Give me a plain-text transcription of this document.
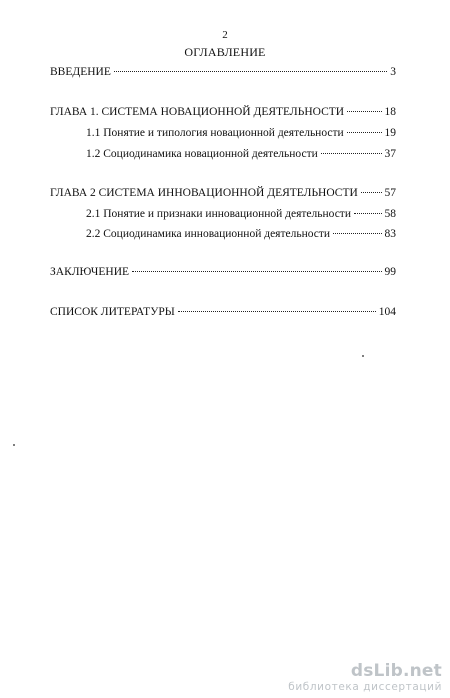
2
ОГЛАВЛЕНИЕ
ВВЕДЕНИЕ	3
ГЛАВА 1. СИСТЕМА НОВАЦИОННОЙ ДЕЯТЕЛЬНОСТИ	18
1.1 Понятие и типология новационной деятельности	19
1.2 Социодинамика новационной деятельности	37
ГЛАВА 2 СИСТЕМА ИННОВАЦИОННОЙ ДЕЯТЕЛЬНОСТИ 57
2.1 Понятие и признаки инновационной деятельности	58
2.2 Социодинамика инновационной деятельности	83
ЗАКЛЮЧЕНИЕ	99
СПИСОК ЛИТЕРАТУРЫ	104
dsLib.net
библиотека диссертаций
